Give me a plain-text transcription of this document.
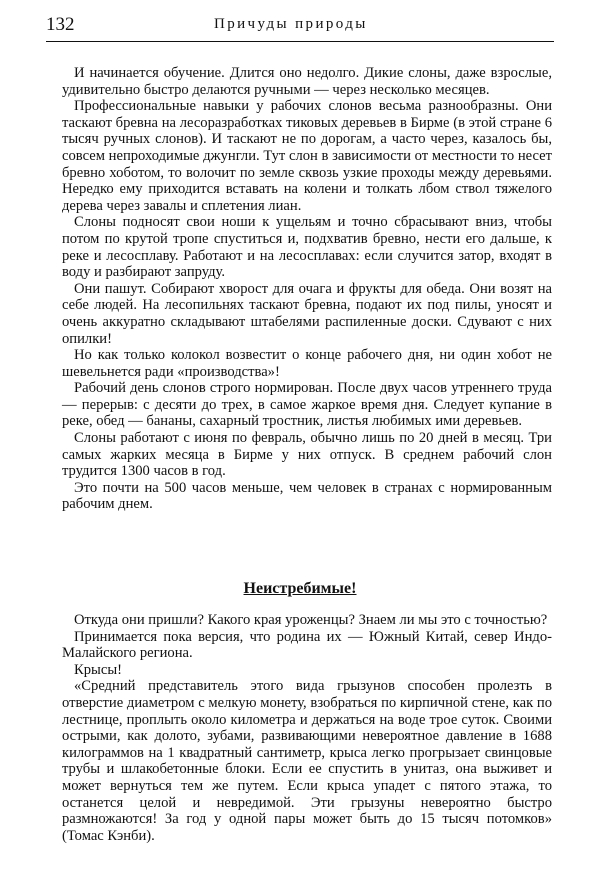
132	Причуды природы

И начинается обучение. Длится оно недолго. Дикие слоны, даже взрослые, удивительно быстро делаются ручными — через несколько месяцев.

Профессиональные навыки у рабочих слонов весьма разнообразны. Они таскают бревна на лесоразработках тиковых деревьев в Бирме (в этой стране 6 тысяч ручных слонов). И таскают не по дорогам, а часто через, казалось бы, совсем непроходимые джунгли. Тут слон в зависимости от местности то несет бревно хоботом, то волочит по земле сквозь узкие проходы между деревьями. Нередко ему приходится вставать на колени и толкать лбом ствол тяжелого дерева через завалы и сплетения лиан.

Слоны подносят свои ноши к ущельям и точно сбрасывают вниз, чтобы потом по крутой тропе спуститься и, подхватив бревно, нести его дальше, к реке и лесосплаву. Работают и на лесосплавах: если случится затор, входят в воду и разбирают запруду.

Они пашут. Собирают хворост для очага и фрукты для обеда. Они возят на себе людей. На лесопильнях таскают бревна, подают их под пилы, уносят и очень аккуратно складывают штабелями распиленные доски. Сдувают с них опилки!

Но как только колокол возвестит о конце рабочего дня, ни один хобот не шевельнется ради «производства»!

Рабочий день слонов строго нормирован. После двух часов утреннего труда — перерыв: с десяти до трех, в самое жаркое время дня. Следует купание в реке, обед — бананы, сахарный тростник, листья любимых ими деревьев.

Слоны работают с июня по февраль, обычно лишь по 20 дней в месяц. Три самых жарких месяца в Бирме у них отпуск. В среднем рабочий слон трудится 1300 часов в год.

Это почти на 500 часов меньше, чем человек в странах с нормированным рабочим днем.

Неистребимые!

Откуда они пришли? Какого края уроженцы? Знаем ли мы это с точностью?

Принимается пока версия, что родина их — Южный Китай, север Индо-Малайского региона.

Крысы!

«Средний представитель этого вида грызунов способен пролезть в отверстие диаметром с мелкую монету, взобраться по кирпичной стене, как по лестнице, проплыть около километра и держаться на воде трое суток. Своими острыми, как долото, зубами, развивающими невероятное давление в 1688 килограммов на 1 квадратный сантиметр, крыса легко прогрызает свинцовые трубы и шлакобетонные блоки. Если ее спустить в унитаз, она выживет и может вернуться тем же путем. Если крыса упадет с пятого этажа, то останется целой и невредимой. Эти грызуны невероятно быстро размножаются! За год у одной пары может быть до 15 тысяч потомков» (Томас Кэнби).
